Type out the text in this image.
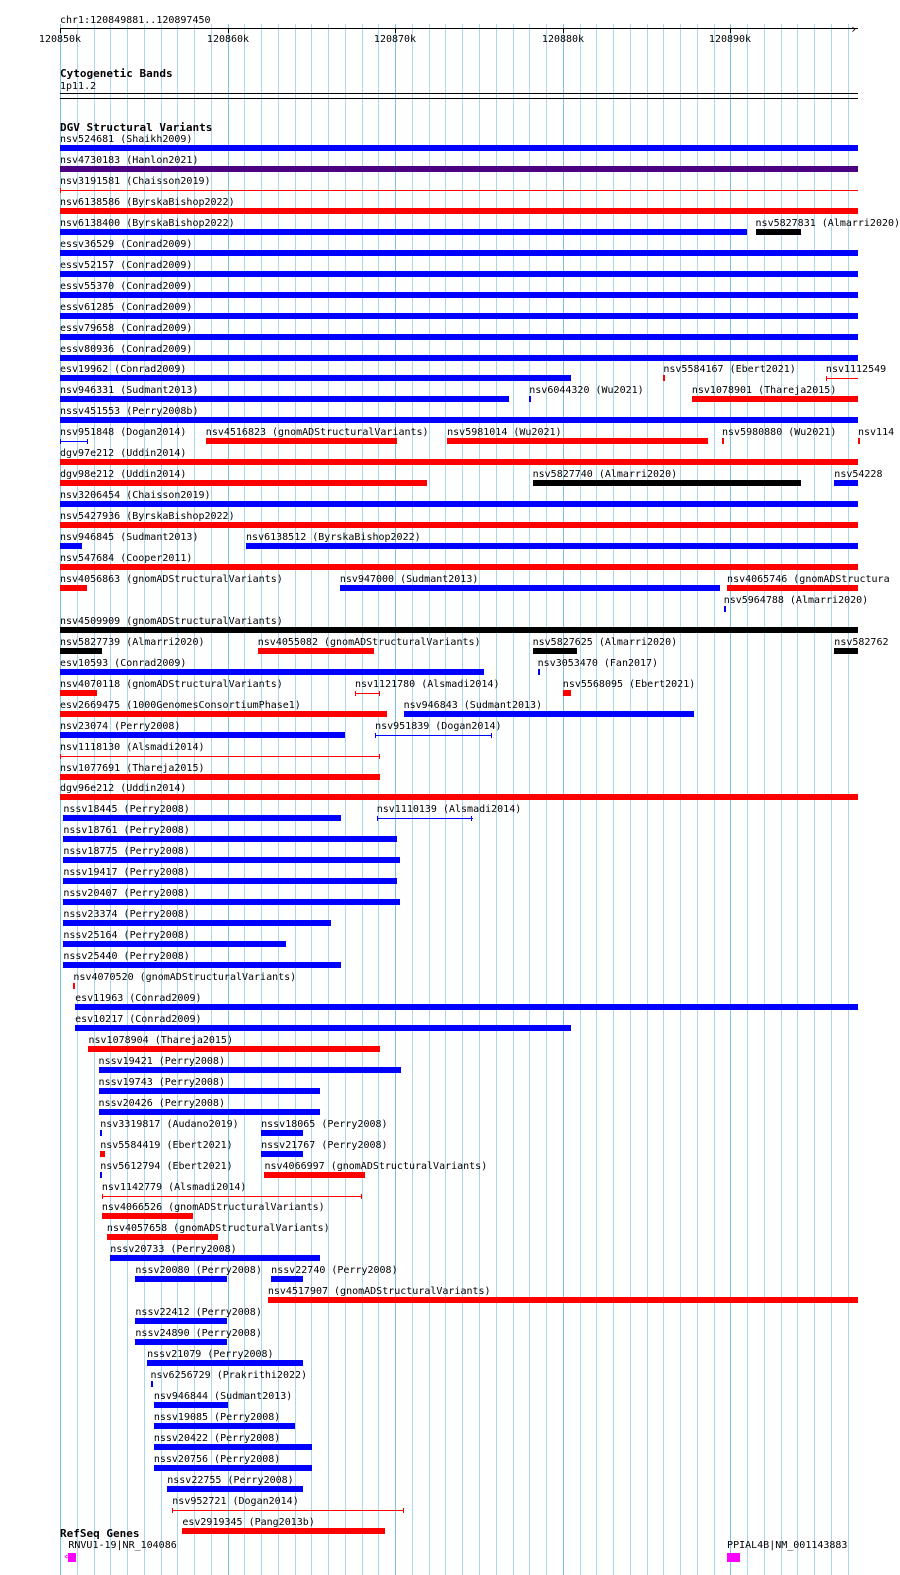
chr1:120849881..120897450
›
120850k	120860k	120870k	120880k	120890k
Cytogenetic Bands
1p11.2
DGV Structural Variants
nsv524681 (Shaikh2009)
nsv4730183 (Hanlon2021)
nsv3191581 (Chaisson2019)
nsv6138586 (ByrskaBishop2022)
nsv6138400 (ByrskaBishop2022)	nsv5827831 (Almarri2020)
essv36529 (Conrad2009)
essv52157 (Conrad2009)
essv55370 (Conrad2009)
essv61285 (Conrad2009)
essv79658 (Conrad2009)
essv80936 (Conrad2009)
esv19962 (Conrad2009)	nsv5584167 (Ebert2021)	nsv1112549
nsv946331 (Sudmant2013)	nsv6044320 (Wu2021)	nsv1078901 (Thareja2015)
nssv451553 (Perry2008b)
nsv951848 (Dogan2014) nsv4516823 (gnomADStructuralVariants) nsv5981014 (Wu2021)	nsv5980880 (Wu2021) nsv114
dgv97e212 (Uddin2014)
dgv98e212 (Uddin2014)	nsv5827740 (Almarri2020)	nsv54228
nsv3206454 (Chaisson2019)
nsv5427936 (ByrskaBishop2022)
nsv946845 (Sudmant2013)	nsv6138512 (ByrskaBishop2022)
nsv547684 (Cooper2011)
nsv4056863 (gnomADStructuralVariants)	nsv947000 (Sudmant2013)
nsv5964788 (Almarri2020)
nsv4509909 (gnomADStructuralVariants)
nsv5827739 (Almarri2020)	nsv4055082 (gnomADStructuralVariants)	nsv5827625 (Almarri2020)
nsv4065746 (gnomADStructura
esv10593 (Conrad2009)	nsv3053470 (Fan2017)
nsv582762
nsv4070118 (gnomADStructuralVariants)	nsv1121780 (Alsmadi2014)	nsv5568095 (Ebert2021)
esv2669475 (1000GenomesConsortiumPhase1)	nsv946843 (Sudmant2013)
nsv23074 (Perry2008)	nsv951839 (Dogan2014)
nsv1118130 (Alsmadi2014)
nsv1077691 (Thareja2015)
dgv96e212 (Uddin2014)
nssv18445 (Perry2008)	nsv1110139 (Alsmadi2014)
nssv18761 (Perry2008)
nssv18775 (Perry2008)
nssv19417 (Perry2008)
nssv20407 (Perry2008)
nssv23374 (Perry2008)
nssv25164 (Perry2008)
nssv25440 (Perry2008)
nsv4070520 (gnomADStructuralVariants)
esv11963 (Conrad2009)
esv10217 (Conrad2009)
nsv1078904 (Thareja2015)
nssv19421 (Perry2008)
nssv19743 (Perry2008)
nssv20426 (Perry2008)
nsv3319817 (Audano2019) nssv18065 (Perry2008)
nsv5584419 (Ebert2021)	nssv21767 (Perry2008)
nsv5612794 (Ebert2021)	nsv4066997 (gnomADStructuralVariants)
nsv1142779 (Alsmadi2014)
nsv4066526 (gnomADStructuralVariants)
nsv4057658 (gnomADStructuralVariants)
nssv20733 (Perry2008)
nssv20080 (Perry2008)
nsv4517907 (gnomADStructuralVariants)
nssv22412 (Perry2008)
nssv22740 (Perry2008)
nssv24890 (Perry2008)
nssv21079 (Perry2008)
nsv6256729 (Prakrithi2022)
nsv946844 (Sudmant2013)
nssv19085 (Perry2008)
nssv20422 (Perry2008)
nssv20756 (Perry2008)
nssv22755 (Perry2008)
nsv952721 (Dogan2014)
esv2919345 (Pang2013b)
RefSeq Genes
RNVU1-19|NR_104086
⇐
PPIAL4B|NM_001143883
